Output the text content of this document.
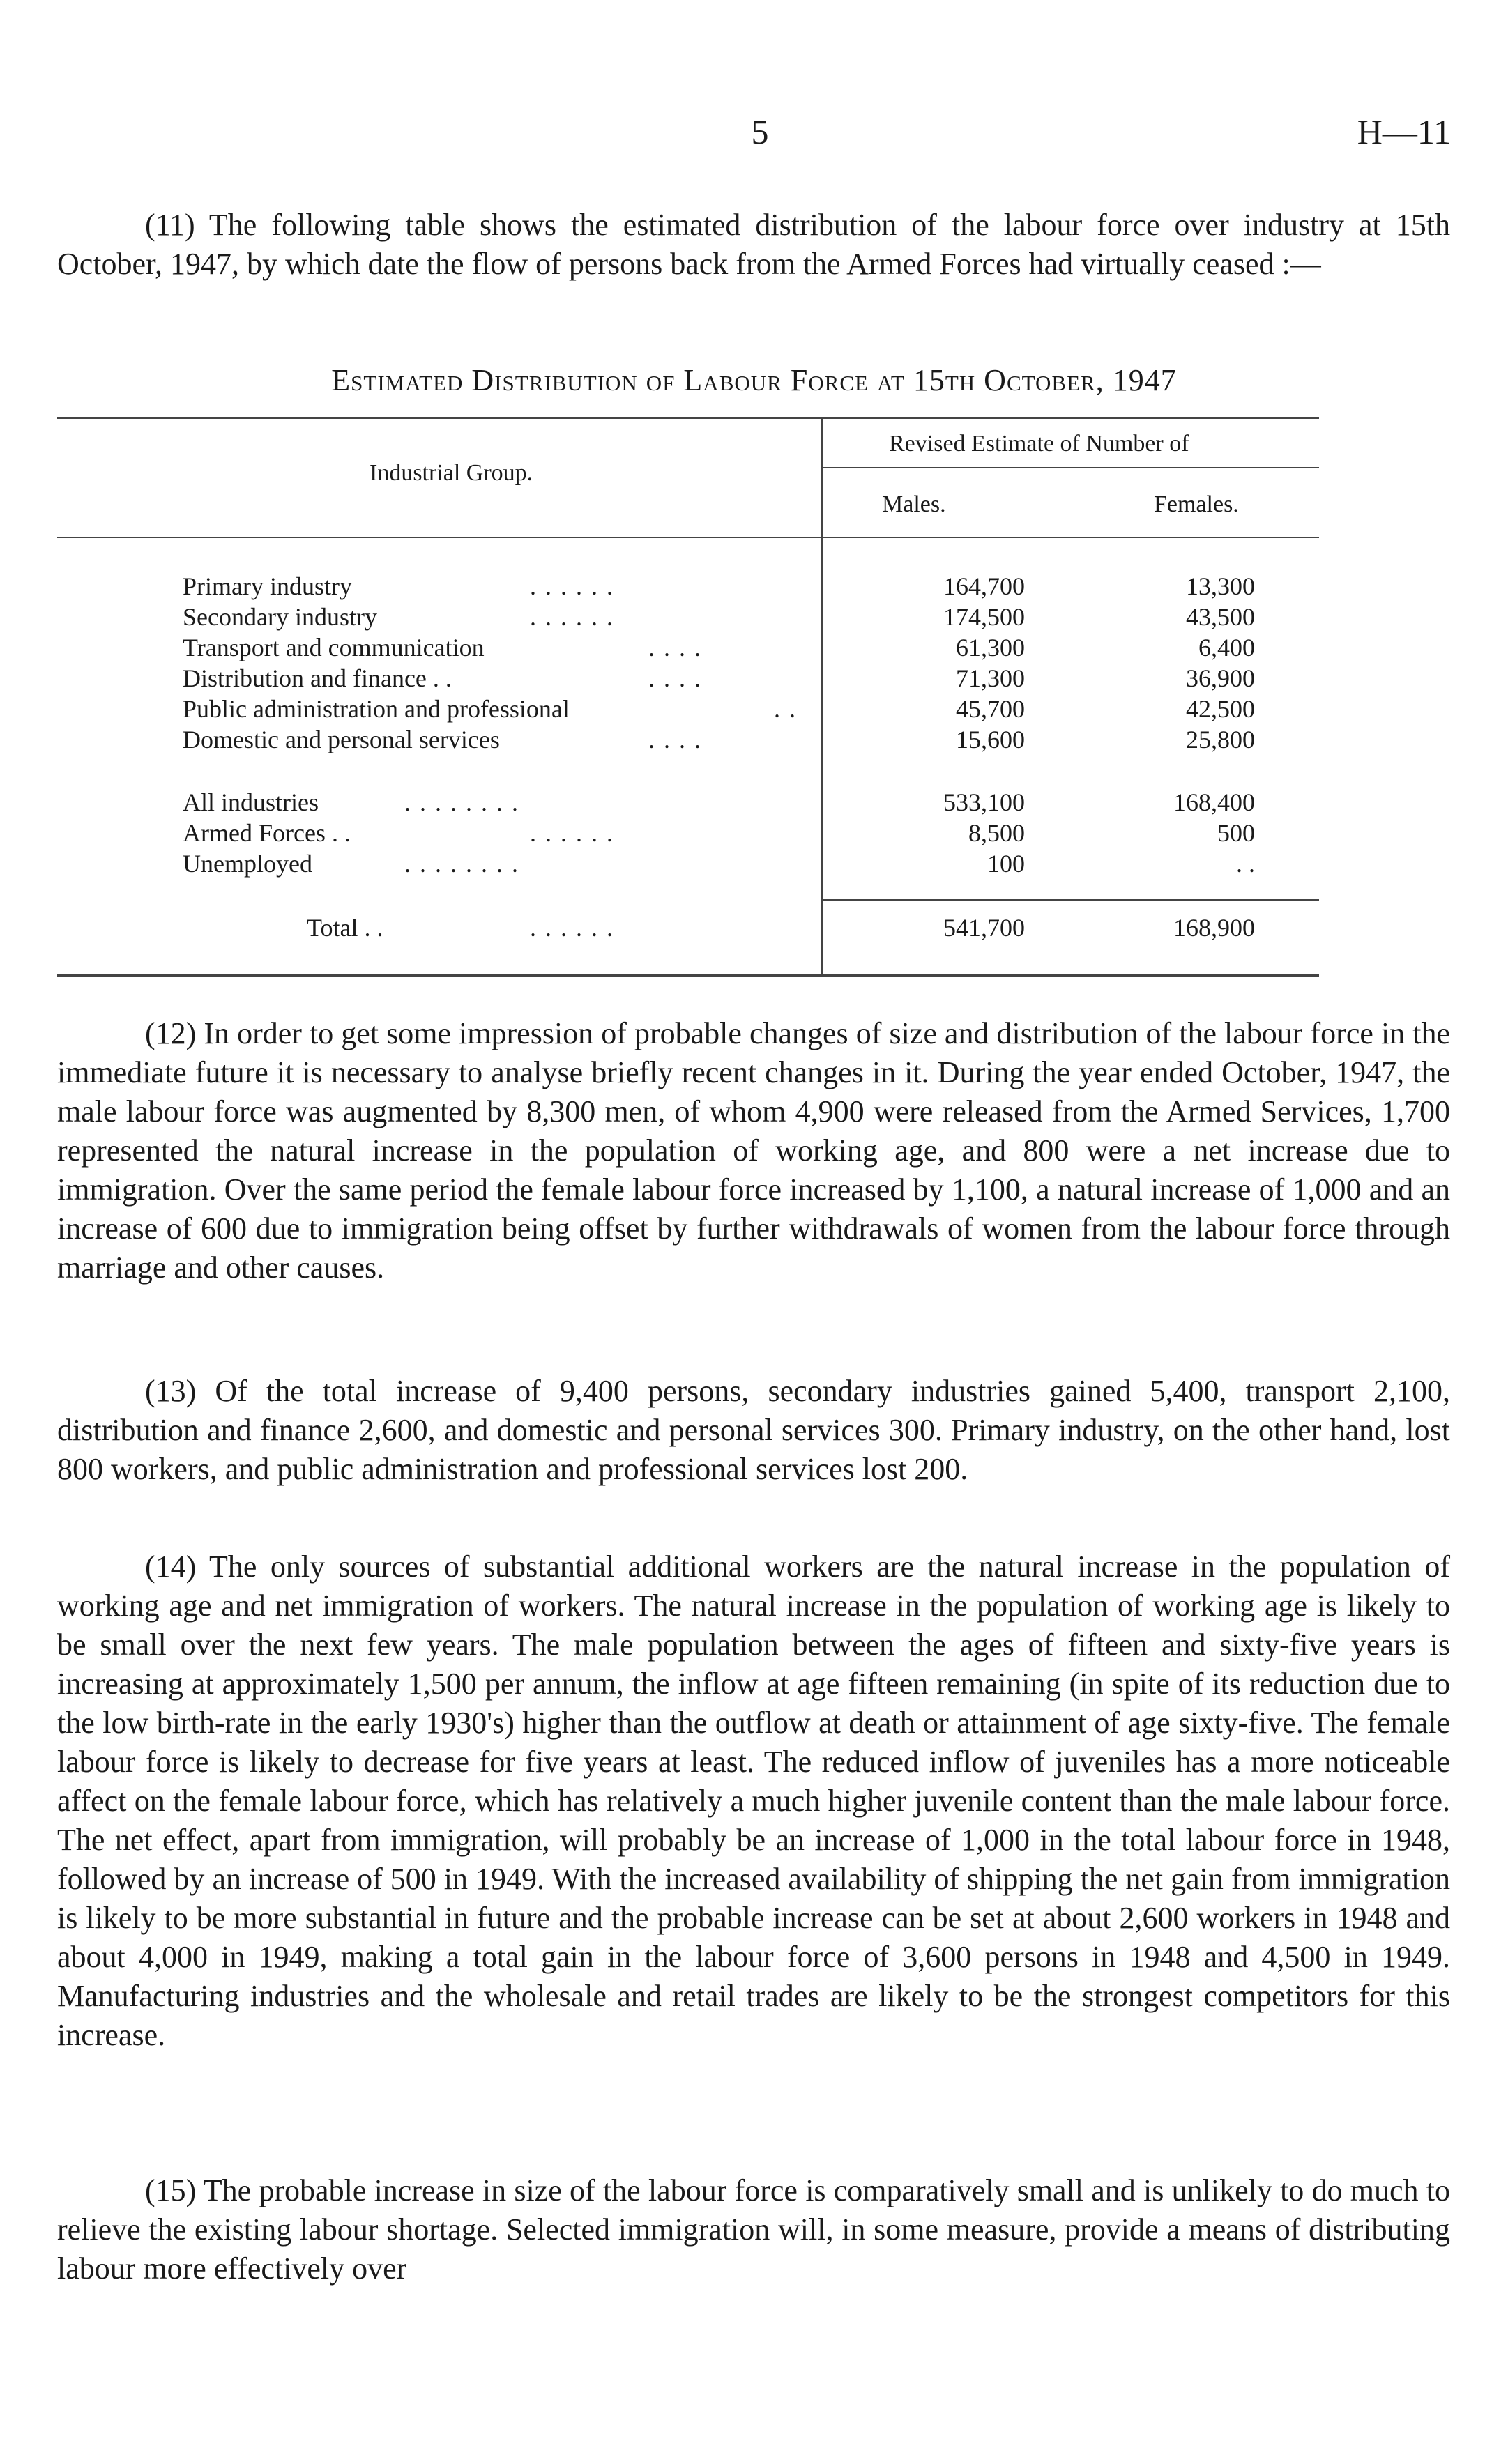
5	H—11

(11) The following table shows the estimated distribution of the labour force over industry at 15th October, 1947, by which date the flow of persons back from the Armed Forces had virtually ceased :—

Estimated Distribution of Labour Force at 15th October, 1947
Industrial Group.
Revised Estimate of Number of
Males.	Females.
Primary industry	. . . . . .	164,700	13,300
Secondary industry	. . . . . .	174,500	43,500
Transport and communication	. . . .	61,300	6,400
Distribution and finance . .	. . . .	71,300	36,900
Public administration and professional	. .	45,700	42,500
Domestic and personal services	. . . .	15,600	25,800
All industries	. . . . . . . .	533,100	168,400
Armed Forces . .	. . . . . .	8,500	500
Unemployed	. . . . . . . .	100	. .
Total . .	. . . . . .	541,700	168,900

(12) In order to get some impression of probable changes of size and distribution of the labour force in the immediate future it is necessary to analyse briefly recent changes in it. During the year ended October, 1947, the male labour force was augmented by 8,300 men, of whom 4,900 were released from the Armed Services, 1,700 represented the natural increase in the population of working age, and 800 were a net increase due to immigration. Over the same period the female labour force increased by 1,100, a natural increase of 1,000 and an increase of 600 due to immigration being offset by further withdrawals of women from the labour force through marriage and other causes.

(13) Of the total increase of 9,400 persons, secondary industries gained 5,400, transport 2,100, distribution and finance 2,600, and domestic and personal services 300. Primary industry, on the other hand, lost 800 workers, and public administration and professional services lost 200.

(14) The only sources of substantial additional workers are the natural increase in the population of working age and net immigration of workers. The natural increase in the population of working age is likely to be small over the next few years. The male population between the ages of fifteen and sixty-five years is increasing at approximately 1,500 per annum, the inflow at age fifteen remaining (in spite of its reduction due to the low birth-rate in the early 1930's) higher than the outflow at death or attainment of age sixty-five. The female labour force is likely to decrease for five years at least. The reduced inflow of juveniles has a more noticeable affect on the female labour force, which has relatively a much higher juvenile content than the male labour force. The net effect, apart from immigration, will probably be an increase of 1,000 in the total labour force in 1948, followed by an increase of 500 in 1949. With the increased availability of shipping the net gain from immigration is likely to be more substantial in future and the probable increase can be set at about 2,600 workers in 1948 and about 4,000 in 1949, making a total gain in the labour force of 3,600 persons in 1948 and 4,500 in 1949. Manufacturing industries and the wholesale and retail trades are likely to be the strongest competitors for this increase.

(15) The probable increase in size of the labour force is comparatively small and is unlikely to do much to relieve the existing labour shortage. Selected immigration will, in some measure, provide a means of distributing labour more effectively over
